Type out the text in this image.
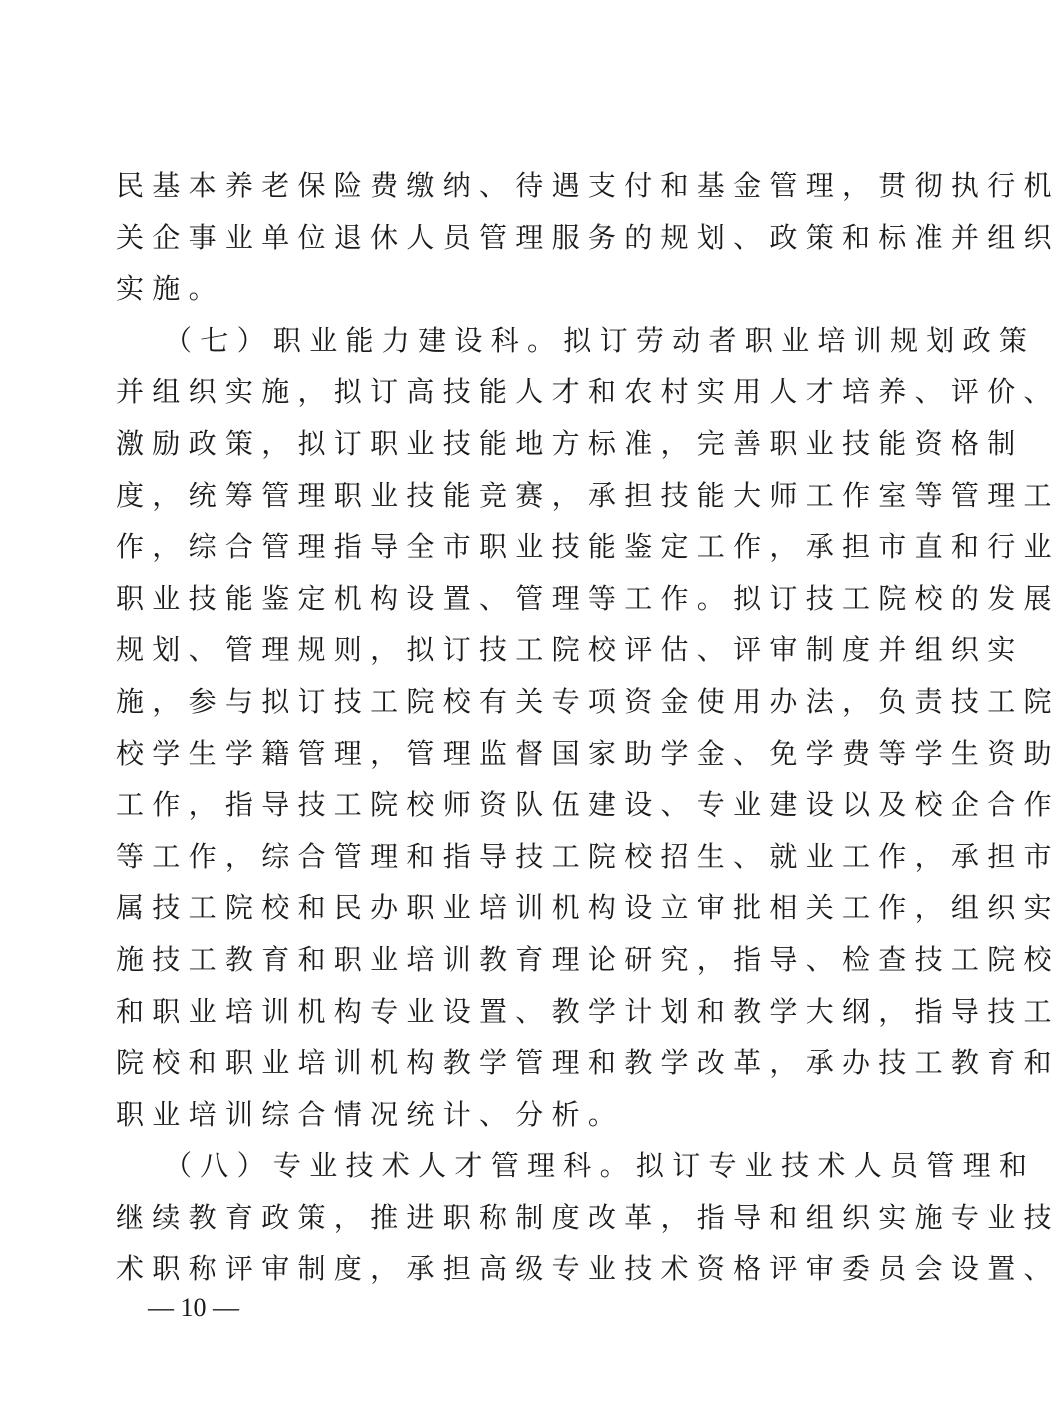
民基本养老保险费缴纳、待遇支付和基金管理，贯彻执行机
关企事业单位退休人员管理服务的规划、政策和标准并组织
实施。
（七）职业能力建设科。拟订劳动者职业培训规划政策
并组织实施，拟订高技能人才和农村实用人才培养、评价、
激励政策，拟订职业技能地方标准，完善职业技能资格制
度，统筹管理职业技能竞赛，承担技能大师工作室等管理工
作，综合管理指导全市职业技能鉴定工作，承担市直和行业
职业技能鉴定机构设置、管理等工作。拟订技工院校的发展
规划、管理规则，拟订技工院校评估、评审制度并组织实
施，参与拟订技工院校有关专项资金使用办法，负责技工院
校学生学籍管理，管理监督国家助学金、免学费等学生资助
工作，指导技工院校师资队伍建设、专业建设以及校企合作
等工作，综合管理和指导技工院校招生、就业工作，承担市
属技工院校和民办职业培训机构设立审批相关工作，组织实
施技工教育和职业培训教育理论研究，指导、检查技工院校
和职业培训机构专业设置、教学计划和教学大纲，指导技工
院校和职业培训机构教学管理和教学改革，承办技工教育和
职业培训综合情况统计、分析。
（八）专业技术人才管理科。拟订专业技术人员管理和
继续教育政策，推进职称制度改革，指导和组织实施专业技
术职称评审制度，承担高级专业技术资格评审委员会设置、
— 10 —
